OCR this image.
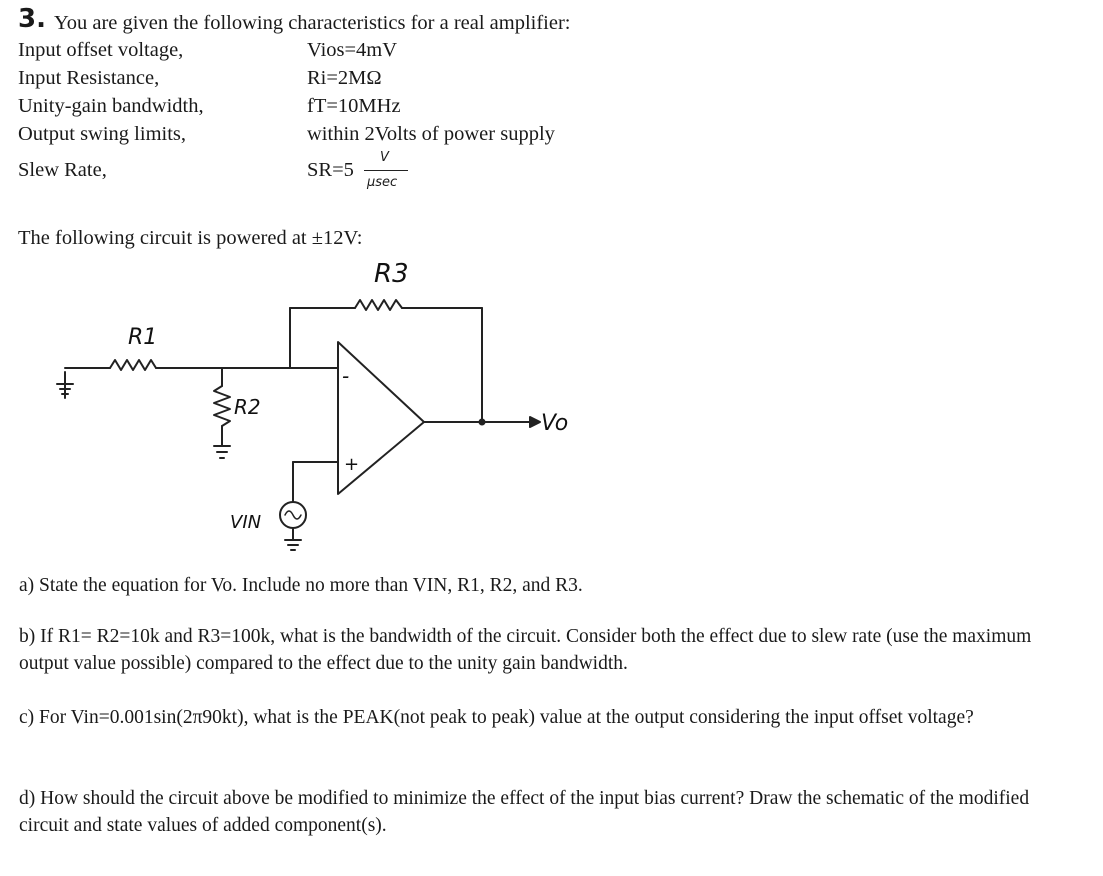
3. You are given the following characteristics for a real amplifier:
Input offset voltage,	Vios=4mV
Input Resistance,	Ri=2MΩ
Unity-gain bandwidth,	fT=10MHz
Output swing limits,	within 2Volts of power supply
Slew Rate,	SR=5
V
μsec
The following circuit is powered at ±12V:
R3
R1
R2
Vo
VIN
-
+
a) State the equation for Vo. Include no more than VIN, R1, R2, and R3.
b) If R1= R2=10k and R3=100k, what is the bandwidth of the circuit. Consider both the effect due to slew rate (use the maximum output value possible) compared to the effect due to the unity gain bandwidth.
c) For Vin=0.001sin(2π90kt), what is the PEAK(not peak to peak) value at the output considering the input offset voltage?
d) How should the circuit above be modified to minimize the effect of the input bias current? Draw the schematic of the modified circuit and state values of added component(s).
